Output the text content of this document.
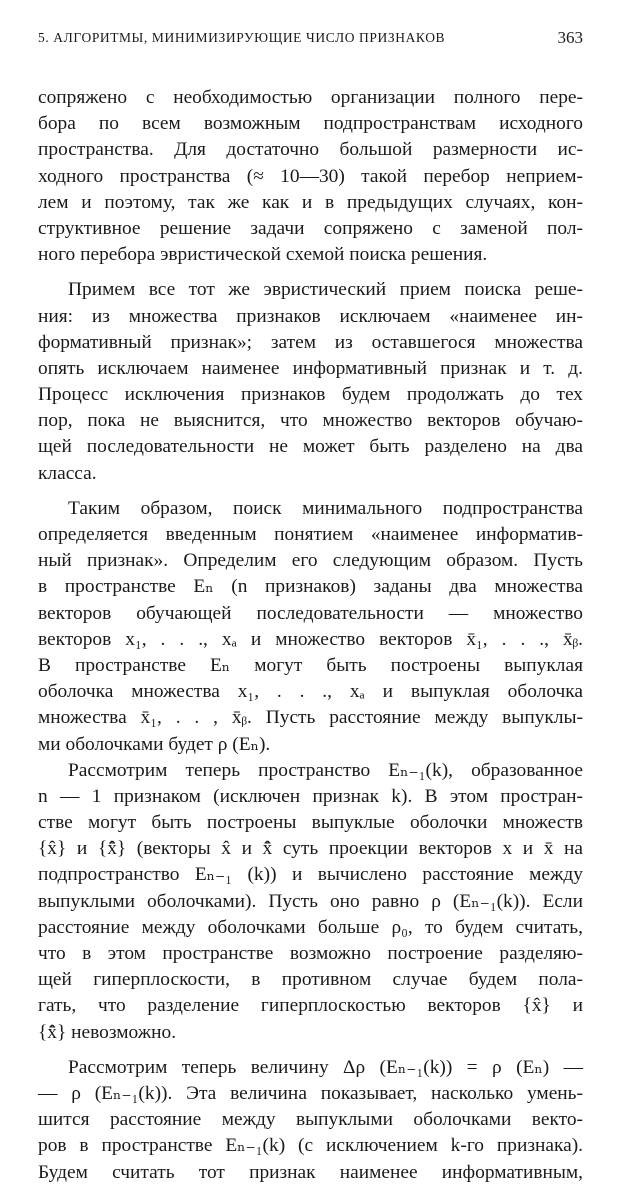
5. АЛГОРИТМЫ, МИНИМИЗИРУЮЩИЕ ЧИСЛО ПРИЗНАКОВ	363
сопряжено с необходимостью организации полного пере-
бора по всем возможным подпространствам исходного
пространства. Для достаточно большой размерности ис-
ходного пространства (≈ 10—30) такой перебор неприем-
лем и поэтому, так же как и в предыдущих случаях, кон-
структивное решение задачи сопряжено с заменой пол-
ного перебора эвристической схемой поиска решения.
Примем все тот же эвристический прием поиска реше-
ния: из множества признаков исключаем «наименее ин-
формативный признак»; затем из оставшегося множества
опять исключаем наименее информативный признак и т. д.
Процесс исключения признаков будем продолжать до тех
пор, пока не выяснится, что множество векторов обучаю-
щей последовательности не может быть разделено на два
класса.
Таким образом, поиск минимального подпространства
определяется введенным понятием «наименее информатив-
ный признак». Определим его следующим образом. Пусть
в пространстве Eₙ (n признаков) заданы два множества
векторов обучающей последовательности — множество
векторов x₁, . . ., xₐ и множество векторов x̄₁, . . ., x̄ᵦ.
В пространстве Eₙ могут быть построены выпуклая
оболочка множества x₁, . . ., xₐ и выпуклая оболочка
множества x̄₁, . . , x̄ᵦ. Пусть расстояние между выпуклы-
ми оболочками будет ρ (Eₙ).
Рассмотрим теперь пространство Eₙ₋₁(k), образованное
n — 1 признаком (исключен признак k). В этом простран-
стве могут быть построены выпуклые оболочки множеств
{x̂} и {x̄̂} (векторы x̂ и x̄̂ суть проекции векторов x и x̄ на
подпространство Eₙ₋₁ (k)) и вычислено расстояние между
выпуклыми оболочками). Пусть оно равно ρ (Eₙ₋₁(k)). Если
расстояние между оболочками больше ρ₀, то будем считать,
что в этом пространстве возможно построение разделяю-
щей гиперплоскости, в противном случае будем пола-
гать, что разделение гиперплоскостью векторов {x̂} и
{x̄̂} невозможно.
Рассмотрим теперь величину Δρ (Eₙ₋₁(k)) = ρ (Eₙ) —
— ρ (Eₙ₋₁(k)). Эта величина показывает, насколько умень-
шится расстояние между выпуклыми оболочками векто-
ров в пространстве Eₙ₋₁(k) (с исключением k-го признака).
Будем считать тот признак наименее информативным,
